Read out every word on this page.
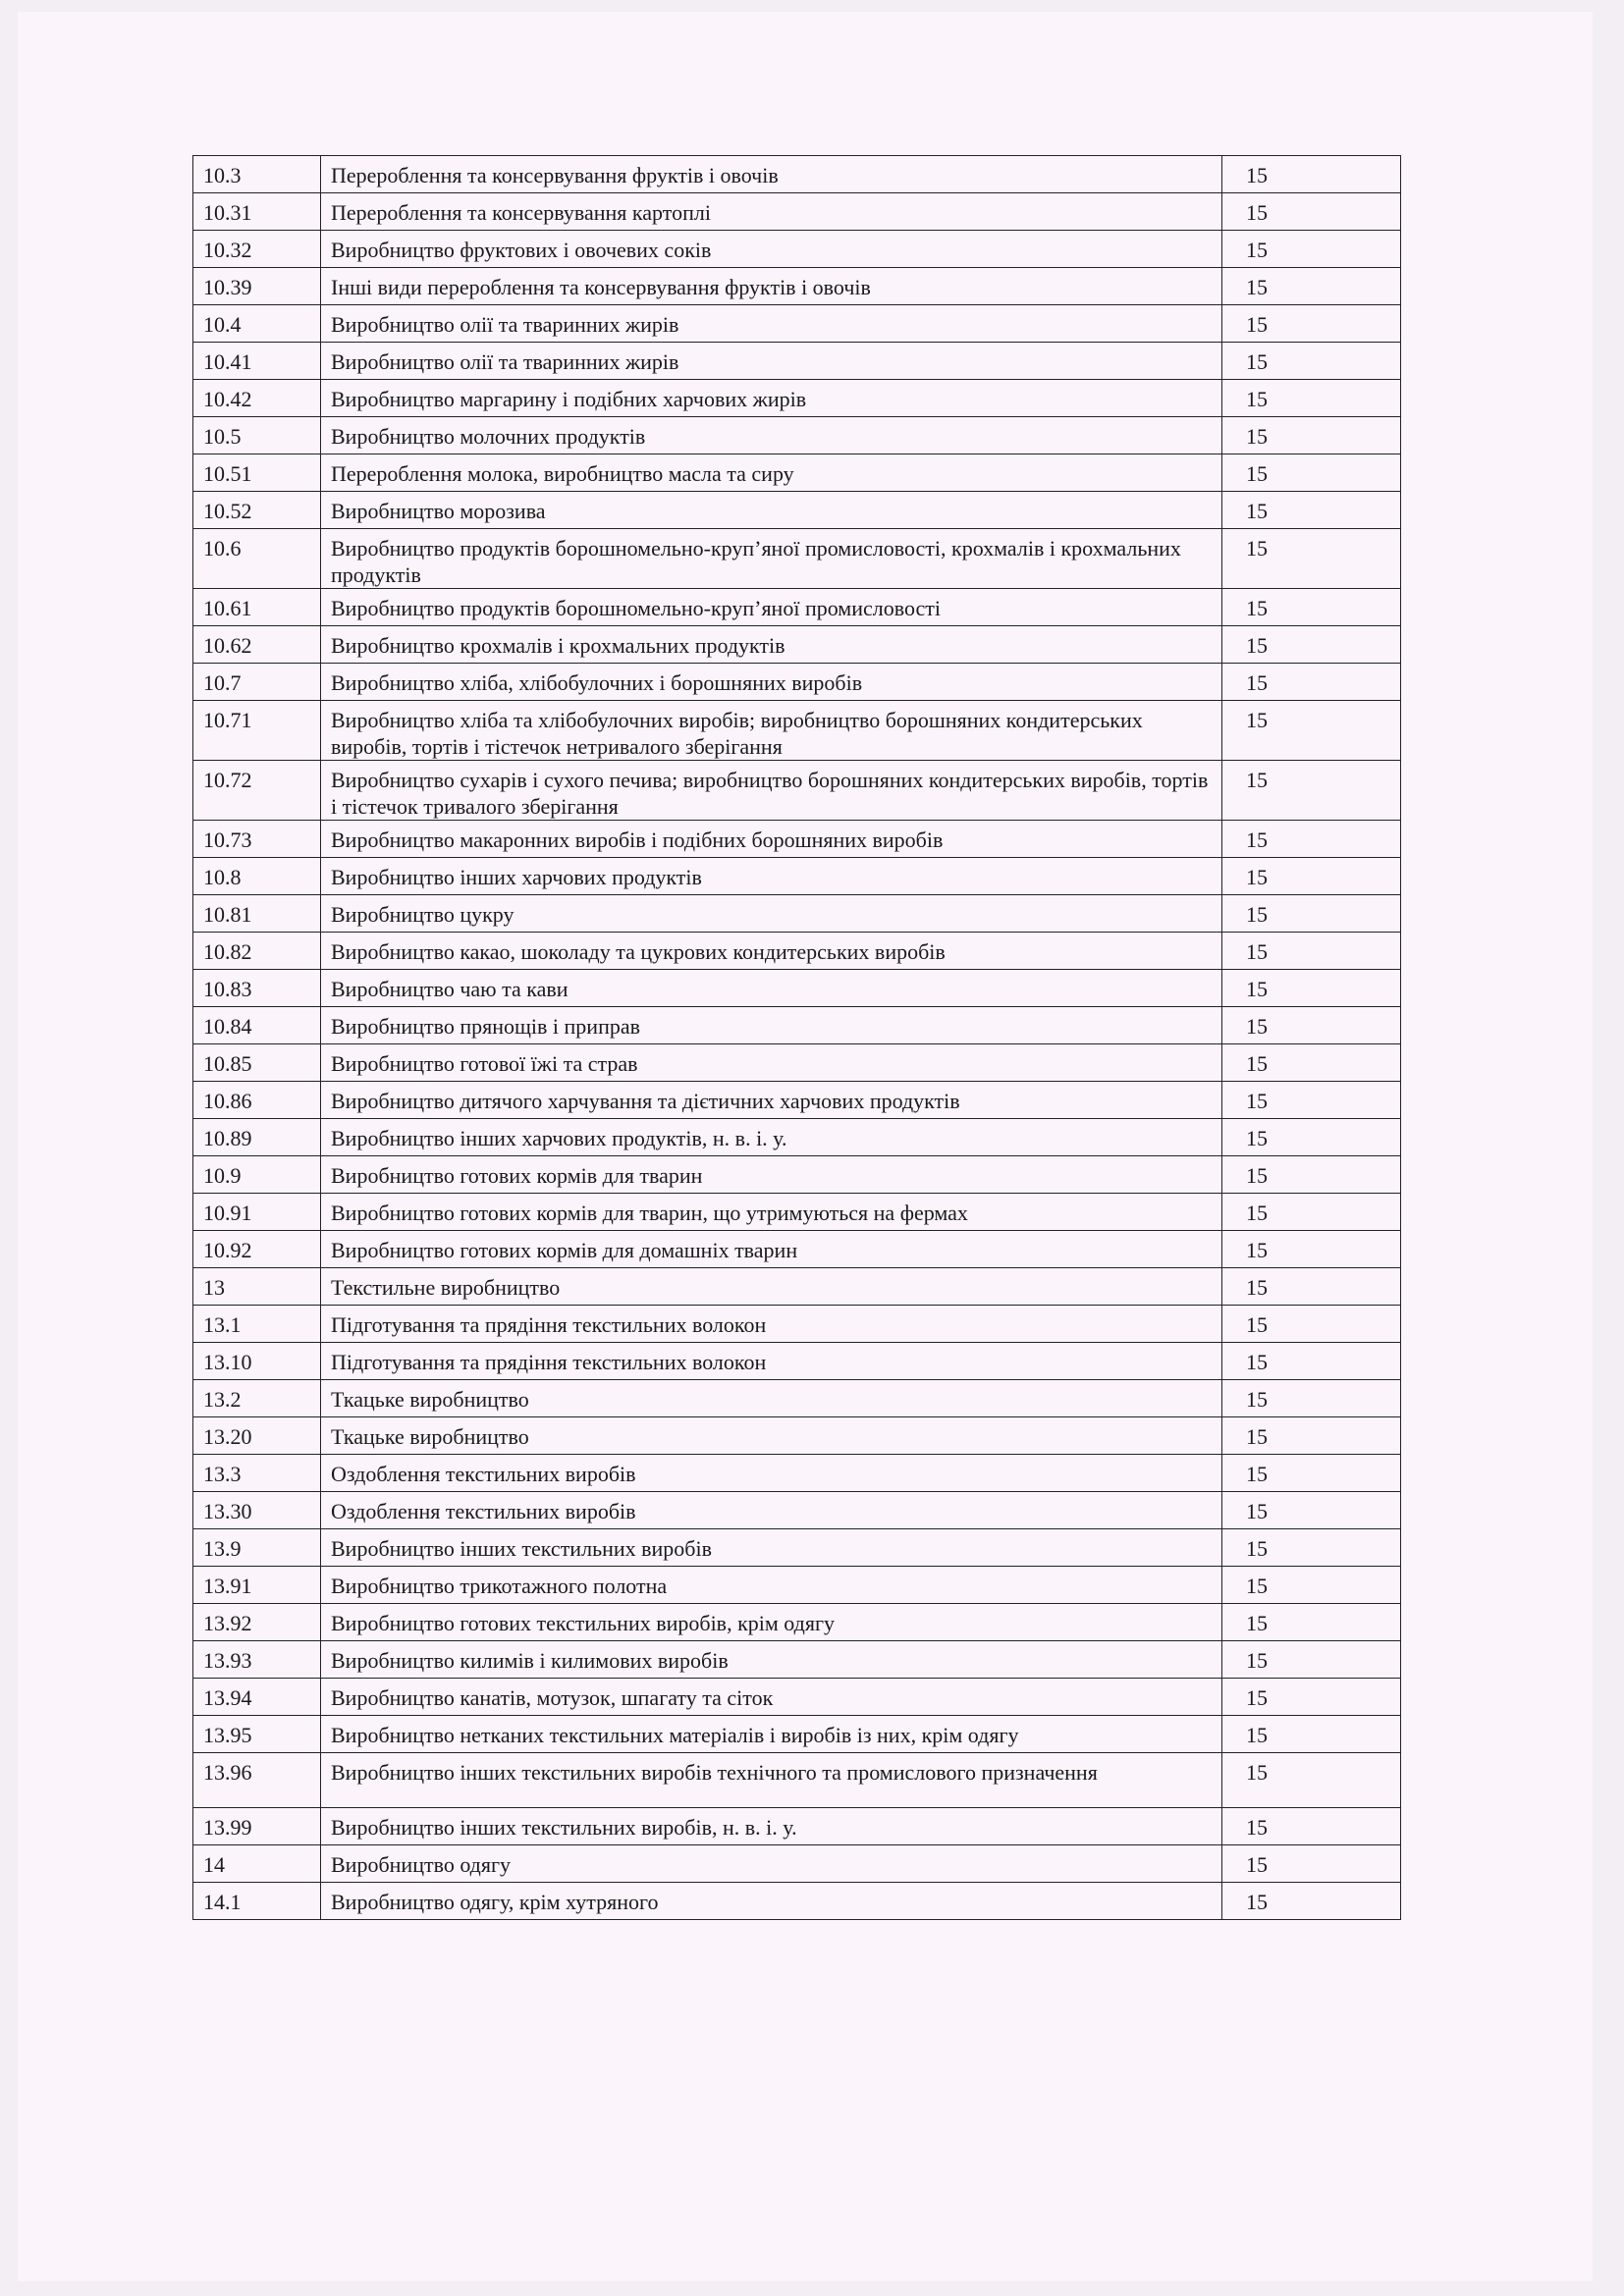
10.3	Перероблення та консервування фруктів і овочів	15
10.31	Перероблення та консервування картоплі	15
10.32	Виробництво фруктових і овочевих соків	15
10.39	Інші види перероблення та консервування фруктів і овочів	15
10.4	Виробництво олії та тваринних жирів	15
10.41	Виробництво олії та тваринних жирів	15
10.42	Виробництво маргарину і подібних харчових жирів	15
10.5	Виробництво молочних продуктів	15
10.51	Перероблення молока, виробництво масла та сиру	15
10.52	Виробництво морозива	15
10.6	Виробництво продуктів борошномельно-круп’яної промисловості, крохмалів і крохмальних продуктів	15
10.61	Виробництво продуктів борошномельно-круп’яної промисловості	15
10.62	Виробництво крохмалів і крохмальних продуктів	15
10.7	Виробництво хліба, хлібобулочних і борошняних виробів	15
10.71	Виробництво хліба та хлібобулочних виробів; виробництво борошняних кондитерських виробів, тортів і тістечок нетривалого зберігання	15
10.72	Виробництво сухарів і сухого печива; виробництво борошняних кондитерських виробів, тортів і тістечок тривалого зберігання	15
10.73	Виробництво макаронних виробів і подібних борошняних виробів	15
10.8	Виробництво інших харчових продуктів	15
10.81	Виробництво цукру	15
10.82	Виробництво какао, шоколаду та цукрових кондитерських виробів	15
10.83	Виробництво чаю та кави	15
10.84	Виробництво прянощів і приправ	15
10.85	Виробництво готової їжі та страв	15
10.86	Виробництво дитячого харчування та дієтичних харчових продуктів	15
10.89	Виробництво інших харчових продуктів, н. в. і. у.	15
10.9	Виробництво готових кормів для тварин	15
10.91	Виробництво готових кормів для тварин, що утримуються на фермах	15
10.92	Виробництво готових кормів для домашніх тварин	15
13	Текстильне виробництво	15
13.1	Підготування та прядіння текстильних волокон	15
13.10	Підготування та прядіння текстильних волокон	15
13.2	Ткацьке виробництво	15
13.20	Ткацьке виробництво	15
13.3	Оздоблення текстильних виробів	15
13.30	Оздоблення текстильних виробів	15
13.9	Виробництво інших текстильних виробів	15
13.91	Виробництво трикотажного полотна	15
13.92	Виробництво готових текстильних виробів, крім одягу	15
13.93	Виробництво килимів і килимових виробів	15
13.94	Виробництво канатів, мотузок, шпагату та сіток	15
13.95	Виробництво нетканих текстильних матеріалів і виробів із них, крім одягу	15
13.96	Виробництво інших текстильних виробів технічного та промислового призначення	15
13.99	Виробництво інших текстильних виробів, н. в. і. у.	15
14	Виробництво одягу	15
14.1	Виробництво одягу, крім хутряного	15
